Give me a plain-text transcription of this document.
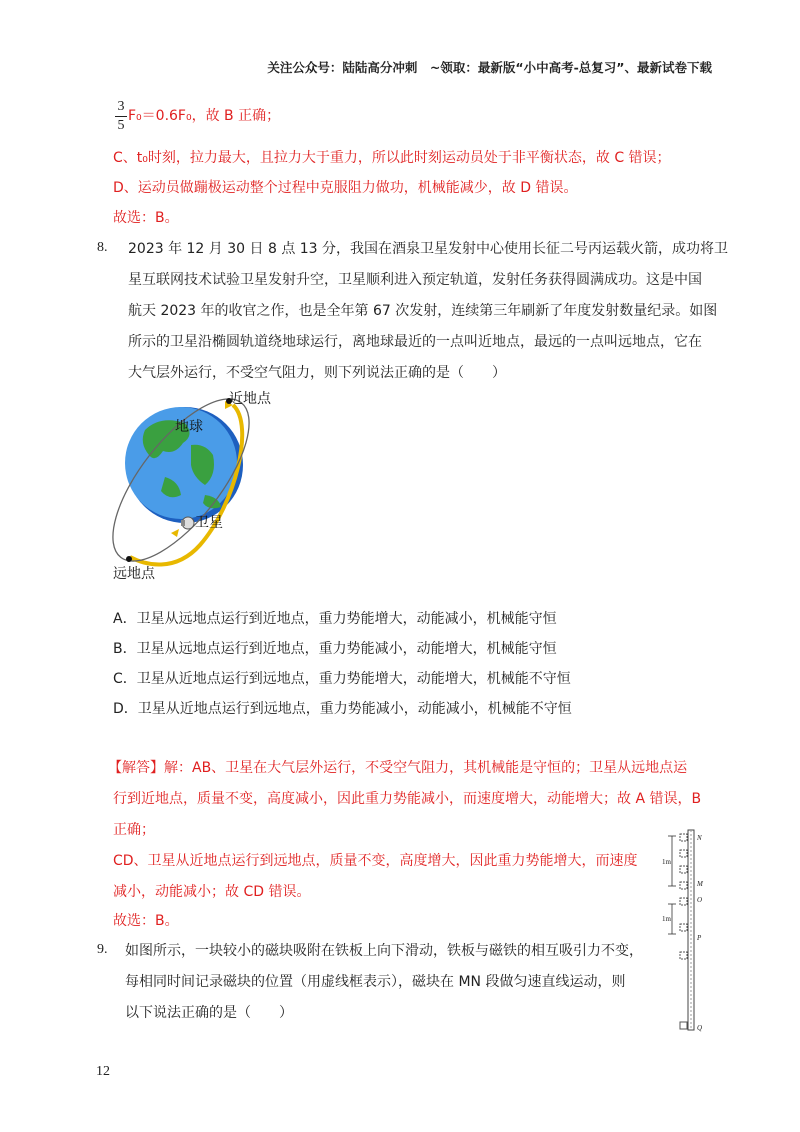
关注公众号：陆陆高分冲刺　~领取：最新版“小中高考-总复习”、最新试卷下载
3
5
F₀＝0.6F₀，故 B 正确；
C、t₀时刻，拉力最大，且拉力大于重力，所以此时刻运动员处于非平衡状态，故 C 错误；
D、运动员做蹦极运动整个过程中克服阻力做功，机械能减少，故 D 错误。
故选：B。
8. 2023 年 12 月 30 日 8 点 13 分，我国在酒泉卫星发射中心使用长征二号丙运载火箭，成功将卫
星互联网技术试验卫星发射升空，卫星顺利进入预定轨道，发射任务获得圆满成功。这是中国
航天 2023 年的收官之作，也是全年第 67 次发射，连续第三年刷新了年度发射数量纪录。如图
所示的卫星沿椭圆轨道绕地球运行，离地球最近的一点叫近地点，最远的一点叫远地点，它在
大气层外运行，不受空气阻力，则下列说法正确的是（　　）
地球
近地点
卫星
远地点
A．卫星从远地点运行到近地点，重力势能增大，动能减小，机械能守恒
B．卫星从远地点运行到近地点，重力势能减小，动能增大，机械能守恒
C．卫星从近地点运行到远地点，重力势能增大，动能增大，机械能不守恒
D．卫星从近地点运行到远地点，重力势能减小，动能减小，机械能不守恒
【解答】解：AB、卫星在大气层外运行，不受空气阻力，其机械能是守恒的；卫星从远地点运
行到近地点，质量不变，高度减小，因此重力势能减小，而速度增大，动能增大；故 A 错误，B
正确；
CD、卫星从近地点运行到远地点，质量不变，高度增大，因此重力势能增大，而速度
减小，动能减小；故 CD 错误。
故选：B。
9. 如图所示，一块较小的磁块吸附在铁板上向下滑动，铁板与磁铁的相互吸引力不变，
每相同时间记录磁块的位置（用虚线框表示），磁块在 MN 段做匀速直线运动，则
以下说法正确的是（　　）
1m
1m
N
M
O
P
Q
12
